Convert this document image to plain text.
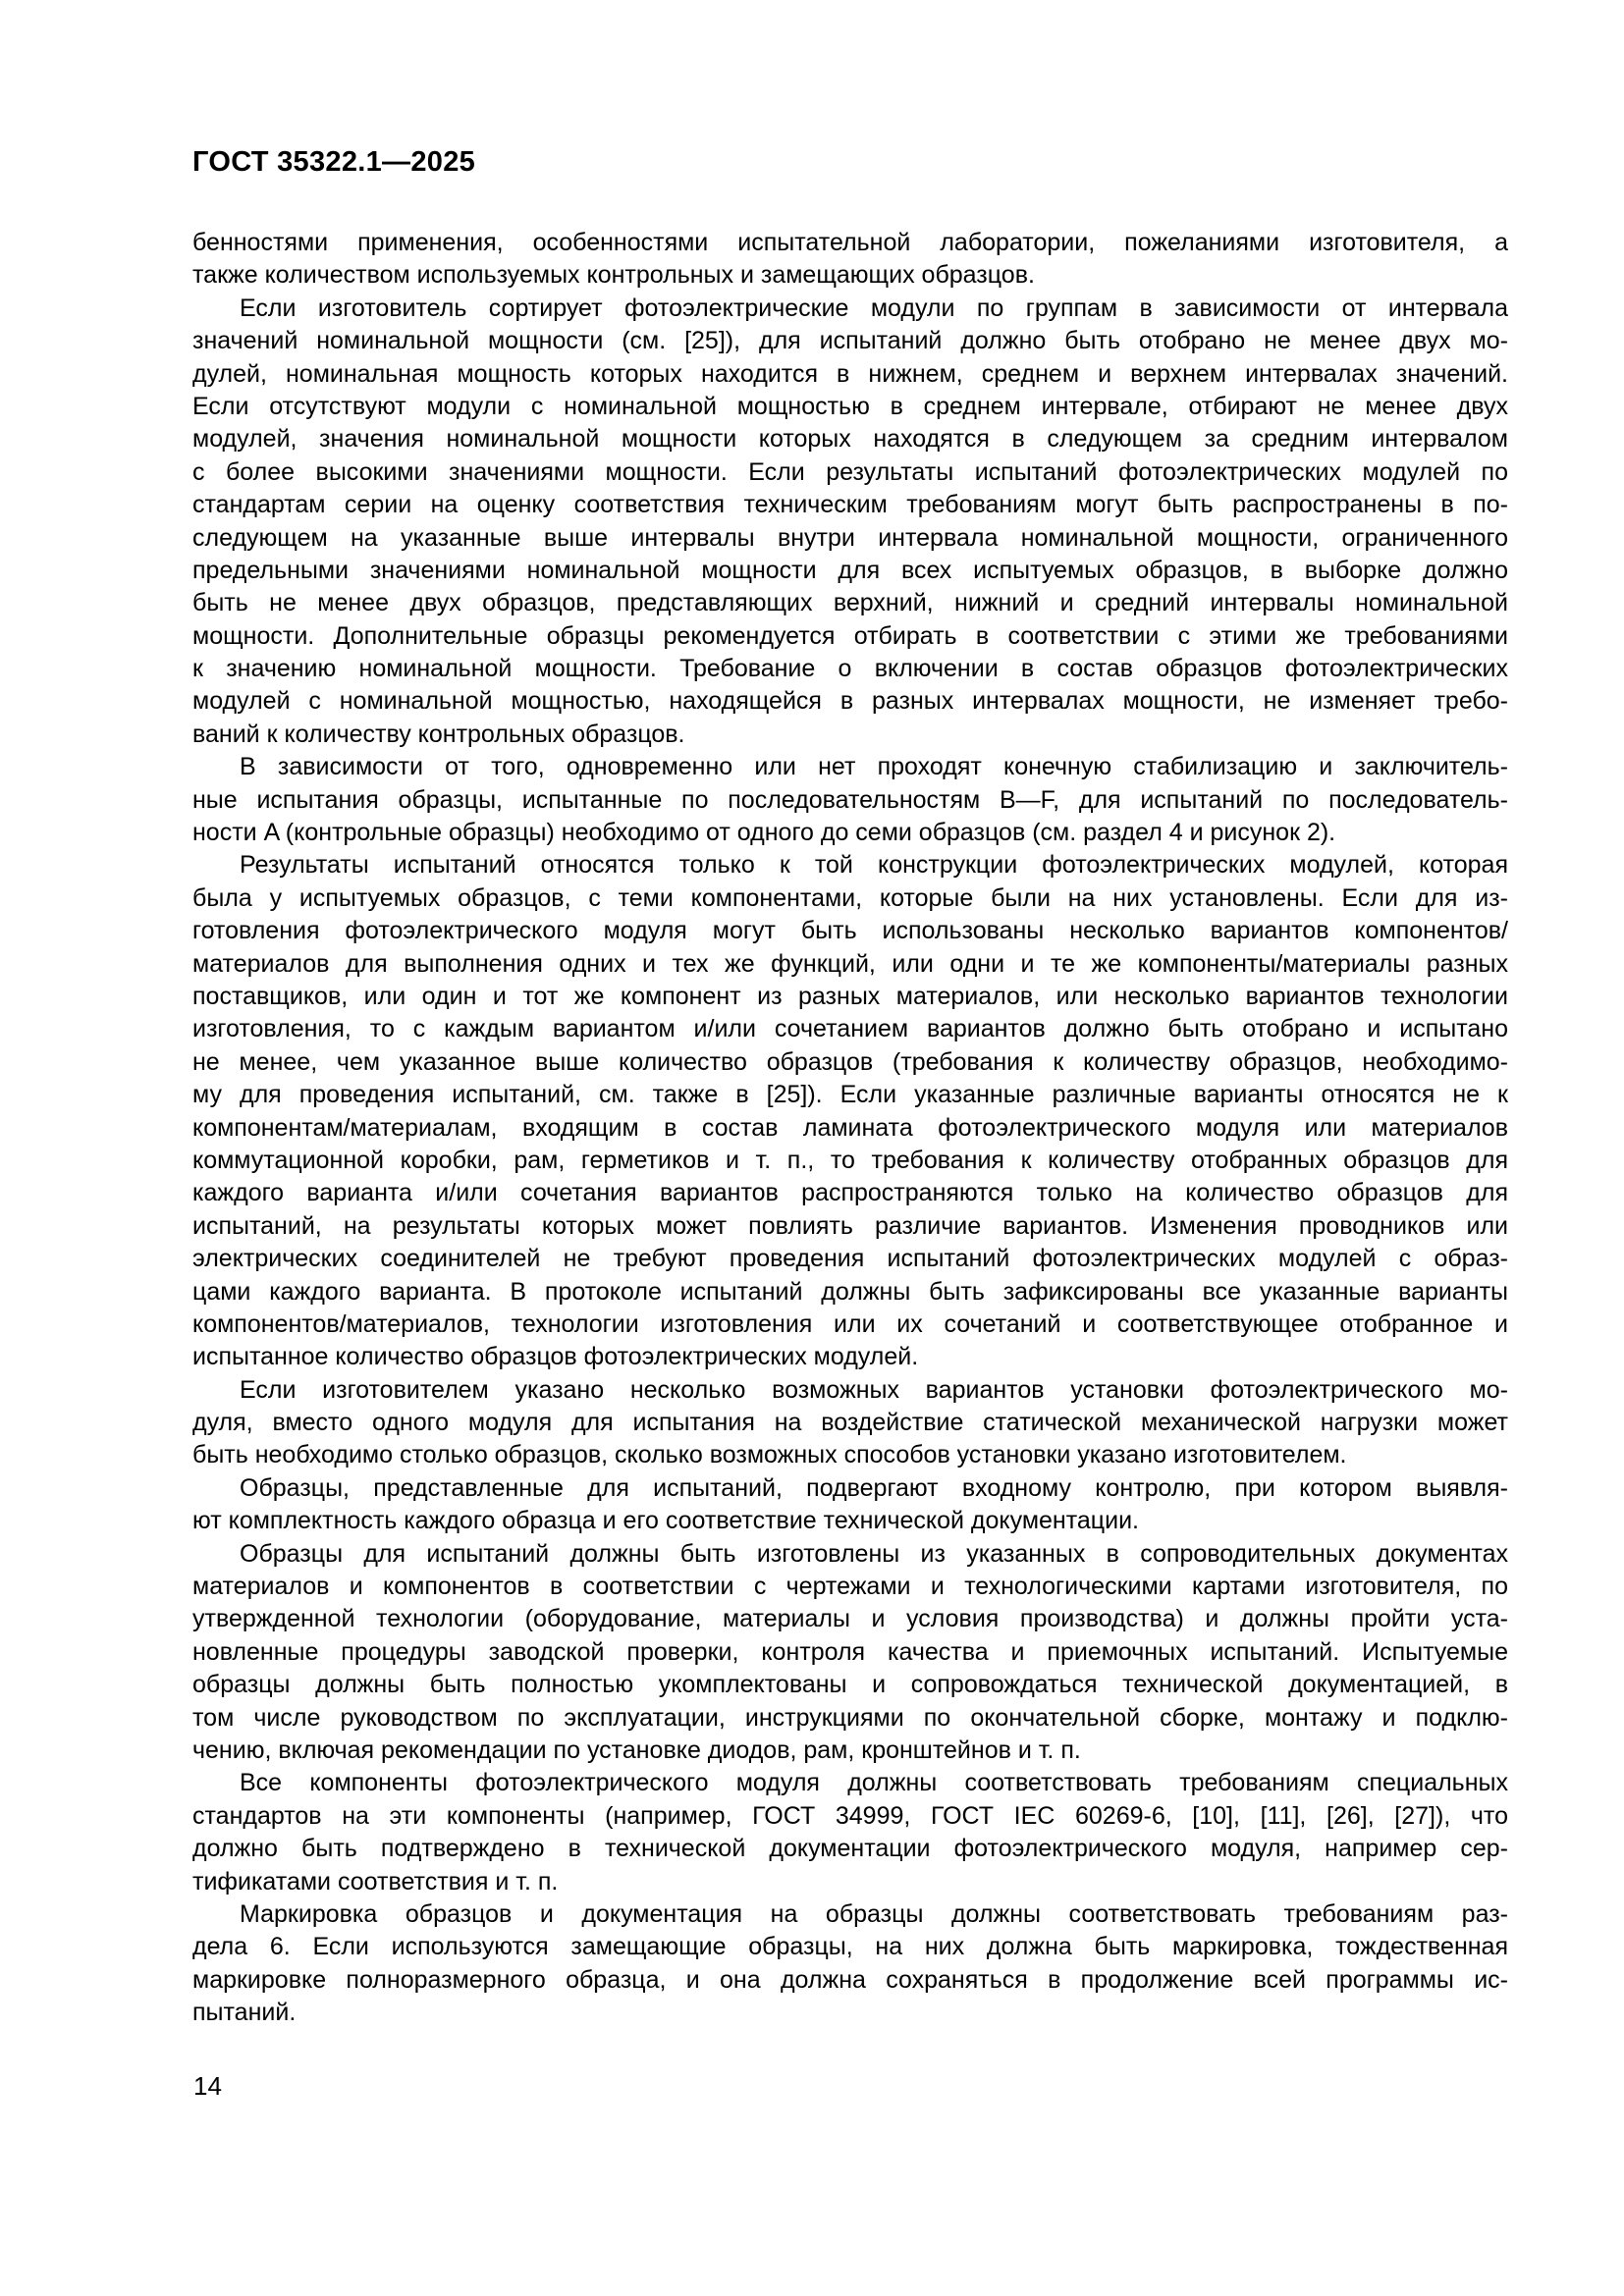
ГОСТ 35322.1—2025
бенностями применения, особенностями испытательной лаборатории, пожеланиями изготовителя, а
также количеством используемых контрольных и замещающих образцов.
Если изготовитель сортирует фотоэлектрические модули по группам в зависимости от интервала
значений номинальной мощности (см. [25]), для испытаний должно быть отобрано не менее двух мо-
дулей, номинальная мощность которых находится в нижнем, среднем и верхнем интервалах значений.
Если отсутствуют модули с номинальной мощностью в среднем интервале, отбирают не менее двух
модулей, значения номинальной мощности которых находятся в следующем за средним интервалом
с более высокими значениями мощности. Если результаты испытаний фотоэлектрических модулей по
стандартам серии на оценку соответствия техническим требованиям могут быть распространены в по-
следующем на указанные выше интервалы внутри интервала номинальной мощности, ограниченного
предельными значениями номинальной мощности для всех испытуемых образцов, в выборке должно
быть не менее двух образцов, представляющих верхний, нижний и средний интервалы номинальной
мощности. Дополнительные образцы рекомендуется отбирать в соответствии с этими же требованиями
к значению номинальной мощности. Требование о включении в состав образцов фотоэлектрических
модулей с номинальной мощностью, находящейся в разных интервалах мощности, не изменяет требо-
ваний к количеству контрольных образцов.
В зависимости от того, одновременно или нет проходят конечную стабилизацию и заключитель-
ные испытания образцы, испытанные по последовательностям B—F, для испытаний по последователь-
ности A (контрольные образцы) необходимо от одного до семи образцов (см. раздел 4 и рисунок 2).
Результаты испытаний относятся только к той конструкции фотоэлектрических модулей, которая
была у испытуемых образцов, с теми компонентами, которые были на них установлены. Если для из-
готовления фотоэлектрического модуля могут быть использованы несколько вариантов компонентов/
материалов для выполнения одних и тех же функций, или одни и те же компоненты/материалы разных
поставщиков, или один и тот же компонент из разных материалов, или несколько вариантов технологии
изготовления, то с каждым вариантом и/или сочетанием вариантов должно быть отобрано и испытано
не менее, чем указанное выше количество образцов (требования к количеству образцов, необходимо-
му для проведения испытаний, см. также в [25]). Если указанные различные варианты относятся не к
компонентам/материалам, входящим в состав ламината фотоэлектрического модуля или материалов
коммутационной коробки, рам, герметиков и т. п., то требования к количеству отобранных образцов для
каждого варианта и/или сочетания вариантов распространяются только на количество образцов для
испытаний, на результаты которых может повлиять различие вариантов. Изменения проводников или
электрических соединителей не требуют проведения испытаний фотоэлектрических модулей с образ-
цами каждого варианта. В протоколе испытаний должны быть зафиксированы все указанные варианты
компонентов/материалов, технологии изготовления или их сочетаний и соответствующее отобранное и
испытанное количество образцов фотоэлектрических модулей.
Если изготовителем указано несколько возможных вариантов установки фотоэлектрического мо-
дуля, вместо одного модуля для испытания на воздействие статической механической нагрузки может
быть необходимо столько образцов, сколько возможных способов установки указано изготовителем.
Образцы, представленные для испытаний, подвергают входному контролю, при котором выявля-
ют комплектность каждого образца и его соответствие технической документации.
Образцы для испытаний должны быть изготовлены из указанных в сопроводительных документах
материалов и компонентов в соответствии с чертежами и технологическими картами изготовителя, по
утвержденной технологии (оборудование, материалы и условия производства) и должны пройти уста-
новленные процедуры заводской проверки, контроля качества и приемочных испытаний. Испытуемые
образцы должны быть полностью укомплектованы и сопровождаться технической документацией, в
том числе руководством по эксплуатации, инструкциями по окончательной сборке, монтажу и подклю-
чению, включая рекомендации по установке диодов, рам, кронштейнов и т. п.
Все компоненты фотоэлектрического модуля должны соответствовать требованиям специальных
стандартов на эти компоненты (например, ГОСТ 34999, ГОСТ IEC 60269-6, [10], [11], [26], [27]), что
должно быть подтверждено в технической документации фотоэлектрического модуля, например сер-
тификатами соответствия и т. п.
Маркировка образцов и документация на образцы должны соответствовать требованиям раз-
дела 6. Если используются замещающие образцы, на них должна быть маркировка, тождественная
маркировке полноразмерного образца, и она должна сохраняться в продолжение всей программы ис-
пытаний.
14
